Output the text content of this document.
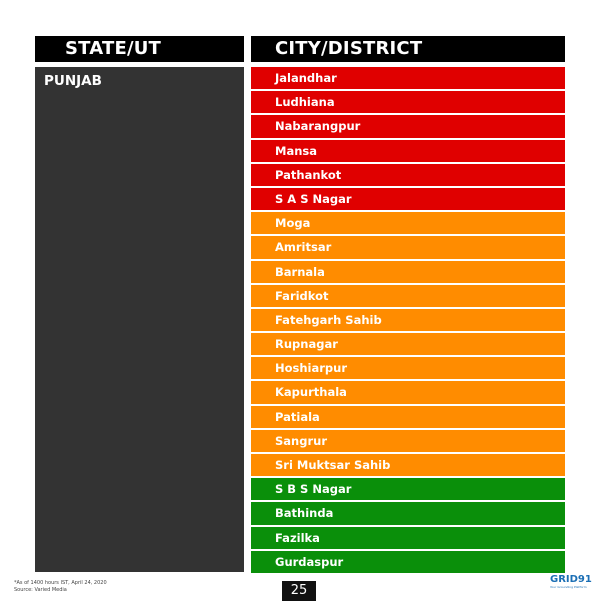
STATE/UT	CITY/DISTRICT
PUNJAB	Jalandhar
Ludhiana
Nabarangpur
Mansa
Pathankot
S A S Nagar
Moga
Amritsar
Barnala
Faridkot
Fatehgarh Sahib
Rupnagar
Hoshiarpur
Kapurthala
Patiala
Sangrur
Sri Muktsar Sahib
S B S Nagar
Bathinda
Fazilka
Gurdaspur
*As of 1400 hours IST, April 24, 2020
Source: Varied Media	25
GRID91
Your Grounding Platform
